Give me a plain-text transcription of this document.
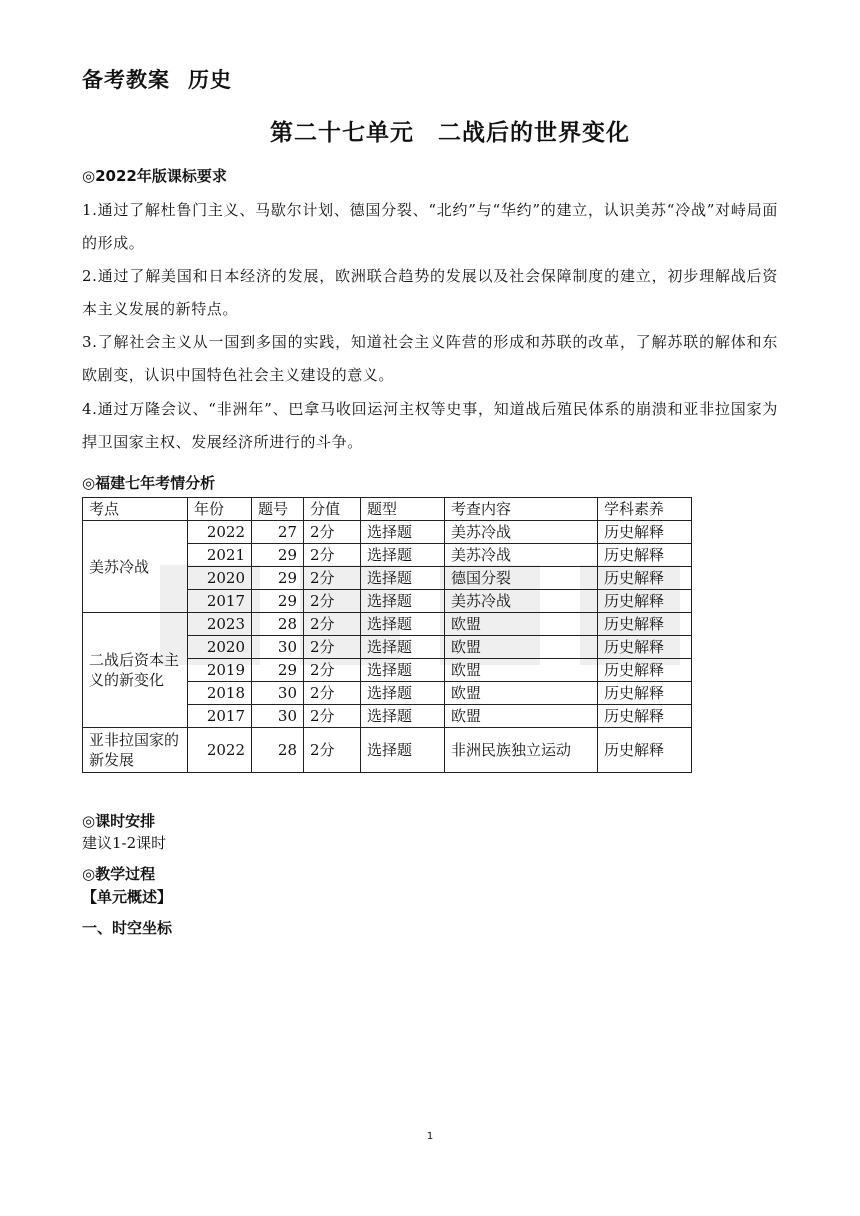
备考教案 历史
第二十七单元　二战后的世界变化
◎2022年版课标要求
1.通过了解杜鲁门主义、马歇尔计划、德国分裂、“北约”与“华约”的建立，认识美苏“冷战”对峙局面的形成。
2.通过了解美国和日本经济的发展，欧洲联合趋势的发展以及社会保障制度的建立，初步理解战后资本主义发展的新特点。
3.了解社会主义从一国到多国的实践，知道社会主义阵营的形成和苏联的改革，了解苏联的解体和东欧剧变，认识中国特色社会主义建设的意义。
4.通过万隆会议、“非洲年”、巴拿马收回运河主权等史事，知道战后殖民体系的崩溃和亚非拉国家为捍卫国家主权、发展经济所进行的斗争。
◎福建七年考情分析
考点	年份	题号	分值	题型	考查内容	学科素养
美苏冷战	2022	27	2分	选择题	美苏冷战	历史解释
	2021	29	2分	选择题	美苏冷战	历史解释
	2020	29	2分	选择题	德国分裂	历史解释
	2017	29	2分	选择题	美苏冷战	历史解释
二战后资本主义的新变化	2023	28	2分	选择题	欧盟	历史解释
	2020	30	2分	选择题	欧盟	历史解释
	2019	29	2分	选择题	欧盟	历史解释
	2018	30	2分	选择题	欧盟	历史解释
	2017	30	2分	选择题	欧盟	历史解释
亚非拉国家的新发展	2022	28	2分	选择题	非洲民族独立运动	历史解释
◎课时安排
建议1-2课时
◎教学过程
【单元概述】
一、时空坐标
1
